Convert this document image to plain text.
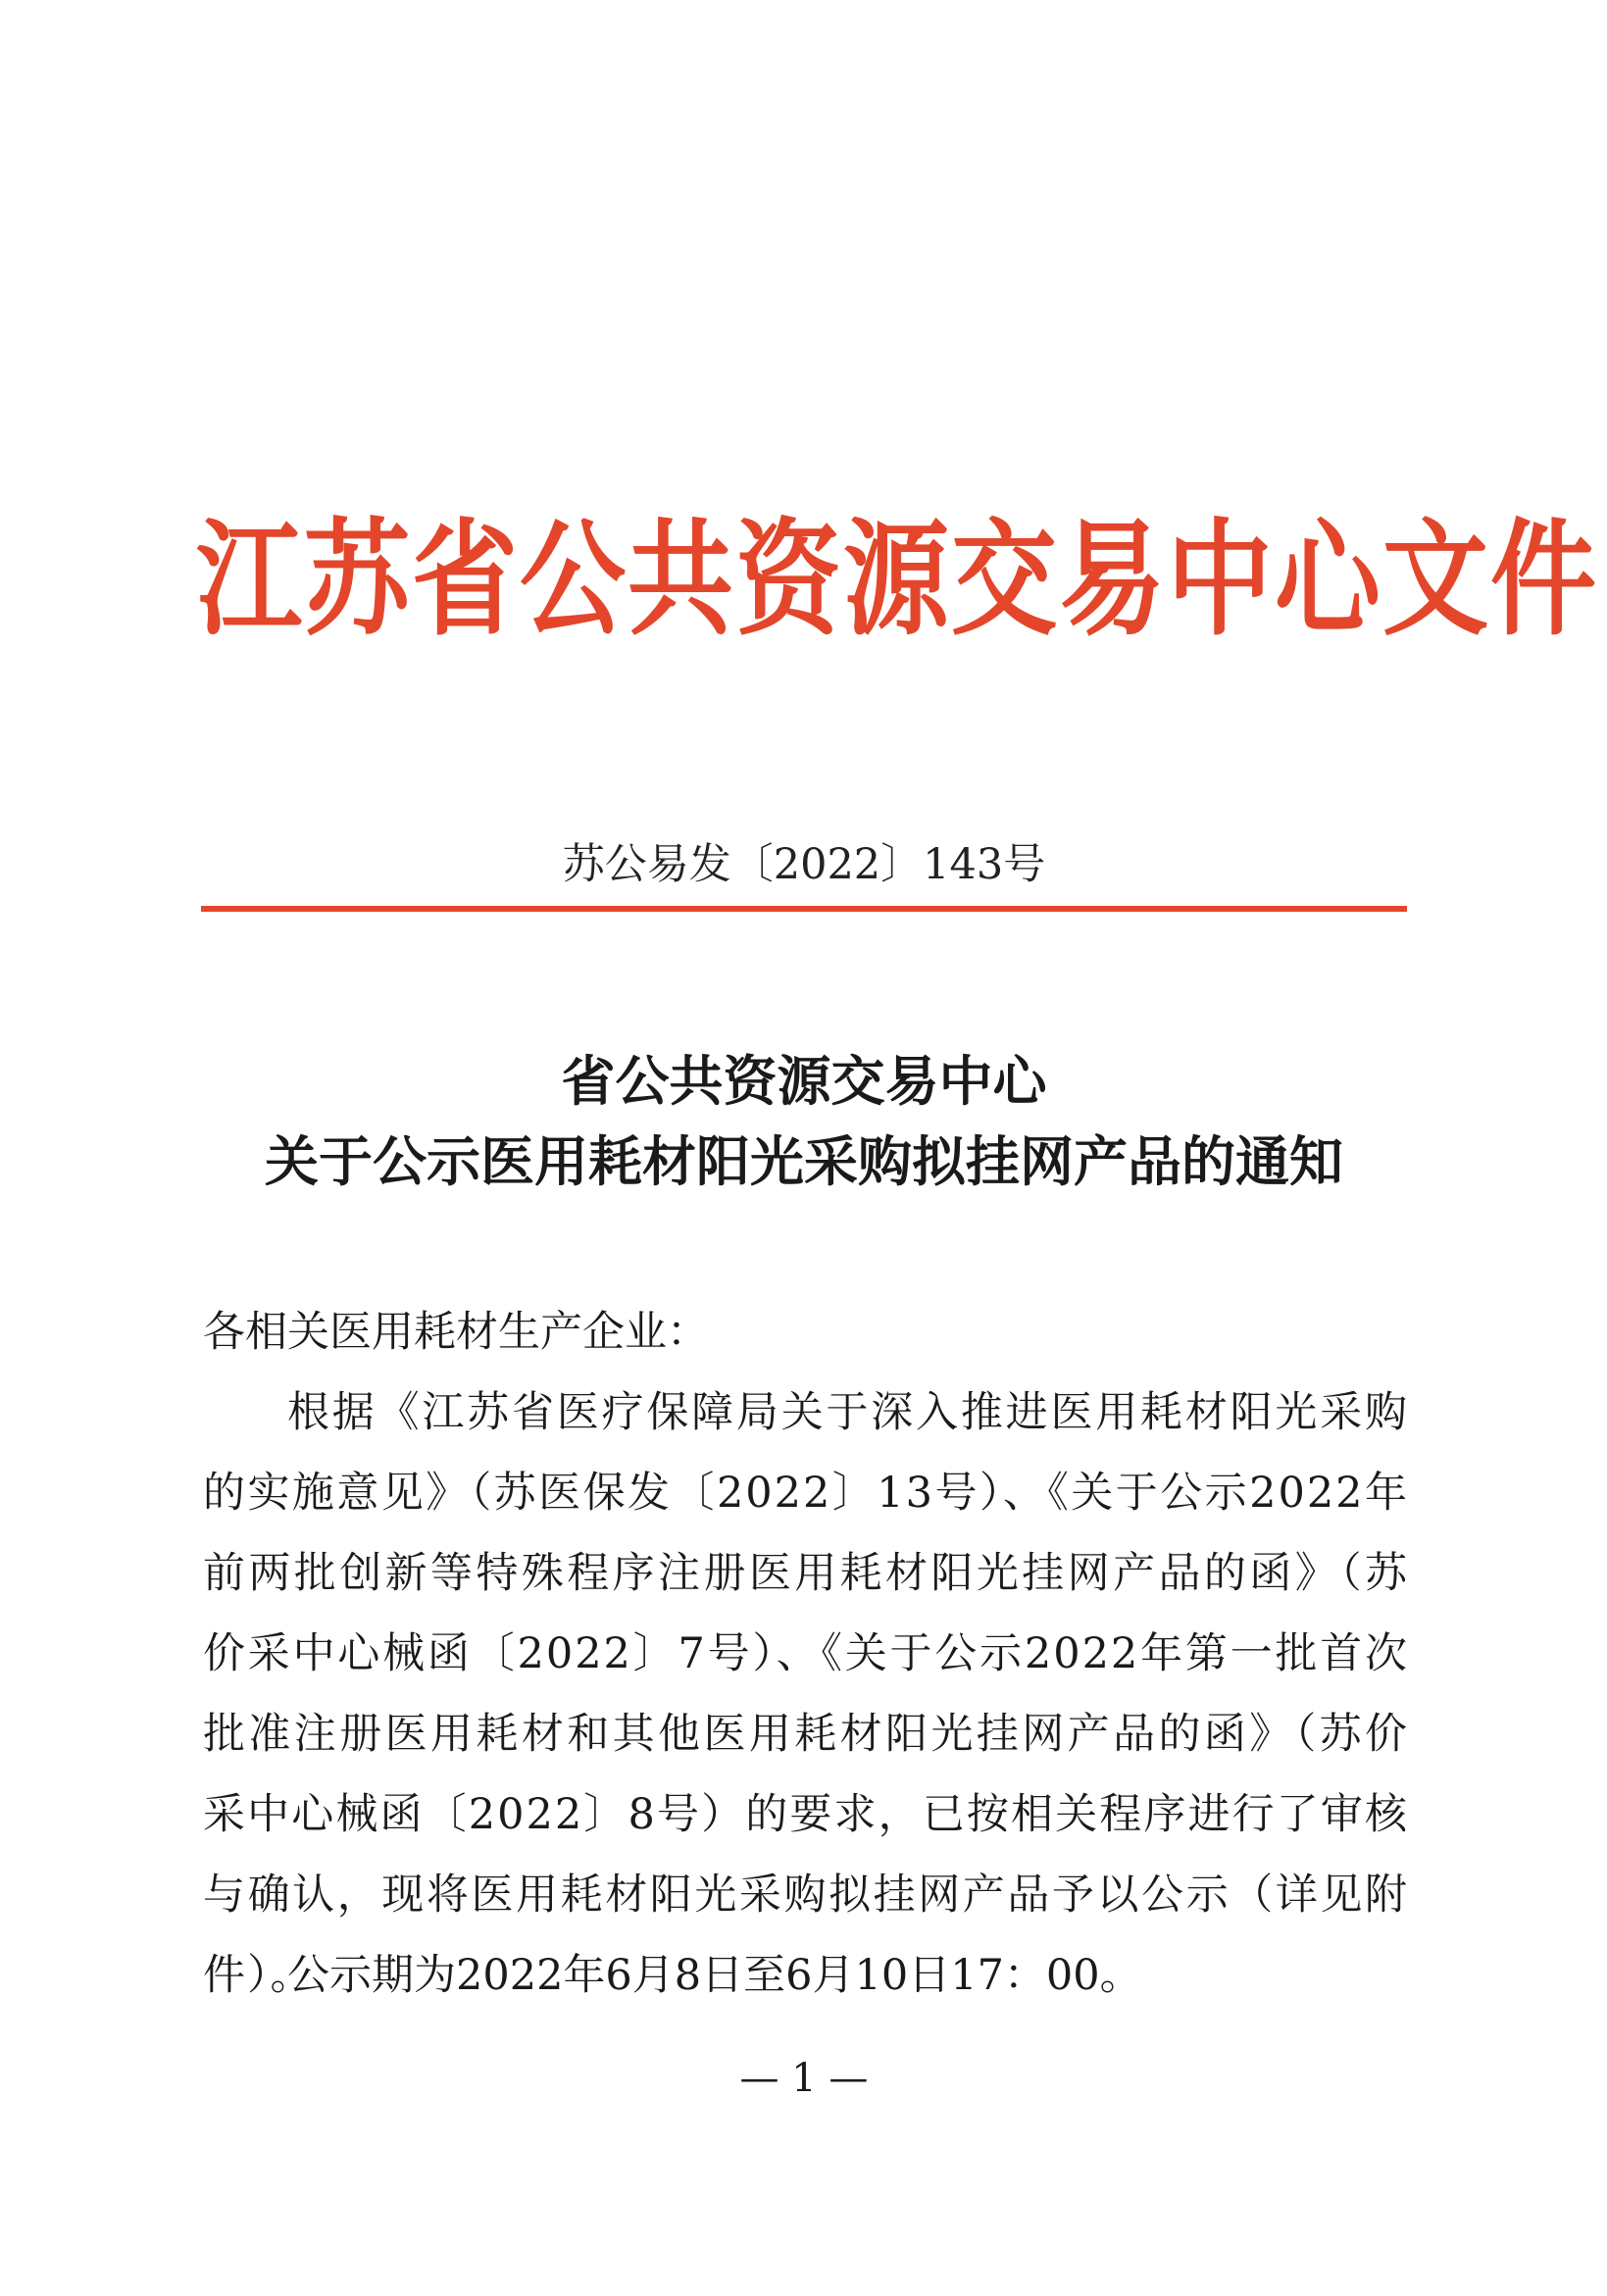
江苏省公共资源交易中心文件
苏公易发〔2022〕143号
省公共资源交易中心
关于公示医用耗材阳光采购拟挂网产品的通知
各相关医用耗材生产企业：
根据《江苏省医疗保障局关于深入推进医用耗材阳光采购的实施意见》（苏医保发〔2022〕13号）、《关于公示2022年前两批创新等特殊程序注册医用耗材阳光挂网产品的函》（苏价采中心械函〔2022〕7号）、《关于公示2022年第一批首次批准注册医用耗材和其他医用耗材阳光挂网产品的函》（苏价采中心械函〔2022〕8号）的要求，已按相关程序进行了审核与确认，现将医用耗材阳光采购拟挂网产品予以公示（详见附件）。
公示期为2022年6月8日至6月10日17：00。
— 1 —
